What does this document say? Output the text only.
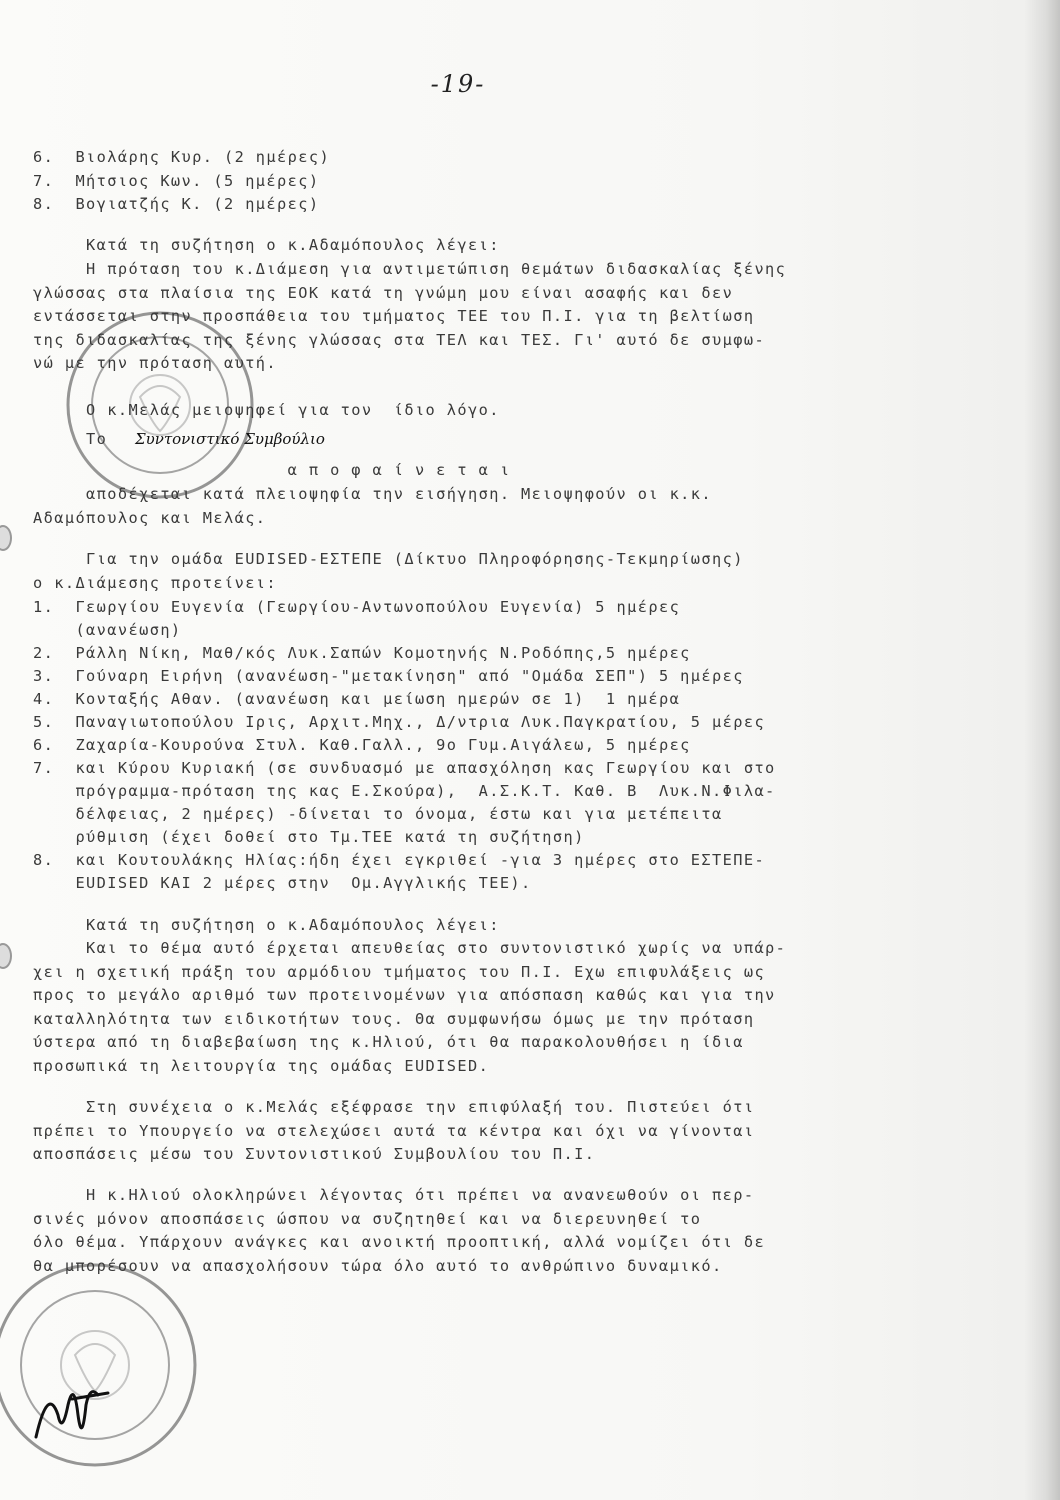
-19-
Συντονιστικό Συμβούλιο
6.  Βιολάρης Κυρ. (2 ημέρες)
7.  Μήτσιος Κων. (5 ημέρες)
8.  Βογιατζής Κ. (2 ημέρες)
Κατά τη συζήτηση ο κ.Αδαμόπουλος λέγει:
Η πρόταση του κ.Διάμεση για αντιμετώπιση θεμάτων διδασκαλίας ξένης
γλώσσας στα πλαίσια της ΕΟΚ κατά τη γνώμη μου είναι ασαφής και δεν
εντάσσεται στην προσπάθεια του τμήματος ΤΕΕ του Π.Ι. για τη βελτίωση
της διδασκαλίας της ξένης γλώσσας στα ΤΕΛ και ΤΕΣ. Γι' αυτό δε συμφω-
νώ με την πρόταση αυτή.
Ο κ.Μελάς μειοψηφεί για τον  ίδιο λόγο.
Το
α π ο φ α ί ν ε τ α ι
αποδέχεται κατά πλειοψηφία την εισήγηση. Μειοψηφούν οι κ.κ.
Αδαμόπουλος και Μελάς.
Για την ομάδα EUDISED-ΕΣΤΕΠΕ (Δίκτυο Πληροφόρησης-Τεκμηρίωσης)
ο κ.Διάμεσης προτείνει:
1.  Γεωργίου Ευγενία (Γεωργίου-Αντωνοπούλου Ευγενία) 5 ημέρες
(ανανέωση)
2.  Ράλλη Νίκη, Μαθ/κός Λυκ.Σαπών Κομοτηνής Ν.Ροδόπης,5 ημέρες
3.  Γούναρη Ειρήνη (ανανέωση-"μετακίνηση" από "Ομάδα ΣΕΠ") 5 ημέρες
4.  Κονταξής Αθαν. (ανανέωση και μείωση ημερών σε 1)  1 ημέρα
5.  Παναγιωτοπούλου Ιρις, Αρχιτ.Μηχ., Δ/ντρια Λυκ.Παγκρατίου, 5 μέρες
6.  Ζαχαρία-Κουρούνα Στυλ. Καθ.Γαλλ., 9ο Γυμ.Αιγάλεω, 5 ημέρες
7.  και Κύρου Κυριακή (σε συνδυασμό με απασχόληση κας Γεωργίου και στο
πρόγραμμα-πρόταση της κας Ε.Σκούρα),  Α.Σ.Κ.Τ. Καθ. Β  Λυκ.Ν.Φιλα-
δέλφειας, 2 ημέρες) -δίνεται το όνομα, έστω και για μετέπειτα
ρύθμιση (έχει δοθεί στο Τμ.ΤΕΕ κατά τη συζήτηση)
8.  και Κουτουλάκης Ηλίας:ήδη έχει εγκριθεί -για 3 ημέρες στο ΕΣΤΕΠΕ-
EUDISED ΚΑΙ 2 μέρες στην  Ομ.Αγγλικής ΤΕΕ).
Κατά τη συζήτηση ο κ.Αδαμόπουλος λέγει:
Και το θέμα αυτό έρχεται απευθείας στο συντονιστικό χωρίς να υπάρ-
χει η σχετική πράξη του αρμόδιου τμήματος του Π.Ι. Εχω επιφυλάξεις ως
προς το μεγάλο αριθμό των προτεινομένων για απόσπαση καθώς και για την
καταλληλότητα των ειδικοτήτων τους. Θα συμφωνήσω όμως με την πρόταση
ύστερα από τη διαβεβαίωση της κ.Ηλιού, ότι θα παρακολουθήσει η ίδια
προσωπικά τη λειτουργία της ομάδας EUDISED.
Στη συνέχεια ο κ.Μελάς εξέφρασε την επιφύλαξή του. Πιστεύει ότι
πρέπει το Υπουργείο να στελεχώσει αυτά τα κέντρα και όχι να γίνονται
αποσπάσεις μέσω του Συντονιστικού Συμβουλίου του Π.Ι.
Η κ.Ηλιού ολοκληρώνει λέγοντας ότι πρέπει να ανανεωθούν οι περ-
σινές μόνον αποσπάσεις ώσπου να συζητηθεί και να διερευνηθεί το
όλο θέμα. Υπάρχουν ανάγκες και ανοικτή προοπτική, αλλά νομίζει ότι δε
θα μπορέσουν να απασχολήσουν τώρα όλο αυτό το ανθρώπινο δυναμικό.
